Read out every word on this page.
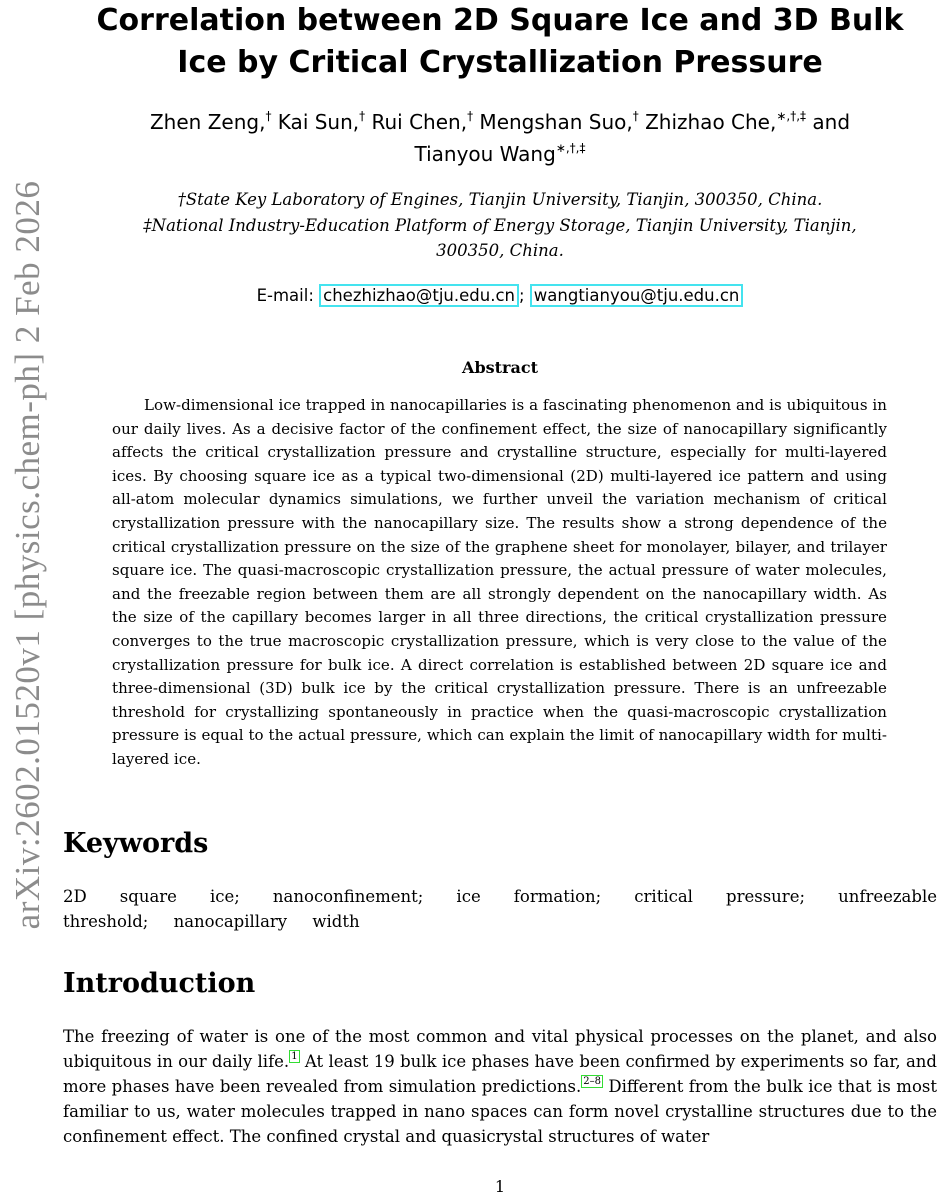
arXiv:2602.01520v1 [physics.chem-ph] 2 Feb 2026
Correlation between 2D Square Ice and 3D Bulk Ice by Critical Crystallization Pressure
Zhen Zeng,† Kai Sun,† Rui Chen,† Mengshan Suo,† Zhizhao Che,∗,†,‡ and
Tianyou Wang∗,†,‡
†State Key Laboratory of Engines, Tianjin University, Tianjin, 300350, China.
‡National Industry-Education Platform of Energy Storage, Tianjin University, Tianjin,
300350, China.
E-mail: chezhizhao@tju.edu.cn ; wangtianyou@tju.edu.cn
Abstract

Low-dimensional ice trapped in nanocapillaries is a fascinating phenomenon and is ubiquitous in our daily lives. As a decisive factor of the confinement effect, the size of nanocapillary significantly affects the critical crystallization pressure and crystalline structure, especially for multi-layered ices. By choosing square ice as a typical two-dimensional (2D) multi-layered ice pattern and using all-atom molecular dynamics simulations, we further unveil the variation mechanism of critical crystallization pressure with the nanocapillary size. The results show a strong dependence of the critical crystallization pressure on the size of the graphene sheet for monolayer, bilayer, and trilayer square ice. The quasi-macroscopic crystallization pressure, the actual pressure of water molecules, and the freezable region between them are all strongly dependent on the nanocapillary width. As the size of the capillary becomes larger in all three directions, the critical crystallization pressure converges to the true macroscopic crystallization pressure, which is very close to the value of the crystallization pressure for bulk ice. A direct correlation is established between 2D square ice and three-dimensional (3D) bulk ice by the critical crystallization pressure. There is an unfreezable threshold for crystallizing spontaneously in practice when the quasi-macroscopic crystallization pressure is equal to the actual pressure, which can explain the limit of nanocapillary width for multi-layered ice.

Keywords

2D square ice; nanoconfinement; ice formation; critical pressure; unfreezable threshold; nanocapillary width

Introduction

The freezing of water is one of the most common and vital physical processes on the planet, and also ubiquitous in our daily life. $^1$ At least 19 bulk ice phases have been confirmed by experiments so far, and more phases have been revealed from simulation predictions. $^{2-8}$ Different from the bulk ice that is most familiar to us, water molecules trapped in nano spaces can form novel crystalline structures due to the confinement effect. The confined crystal and quasicrystal structures of water

1
